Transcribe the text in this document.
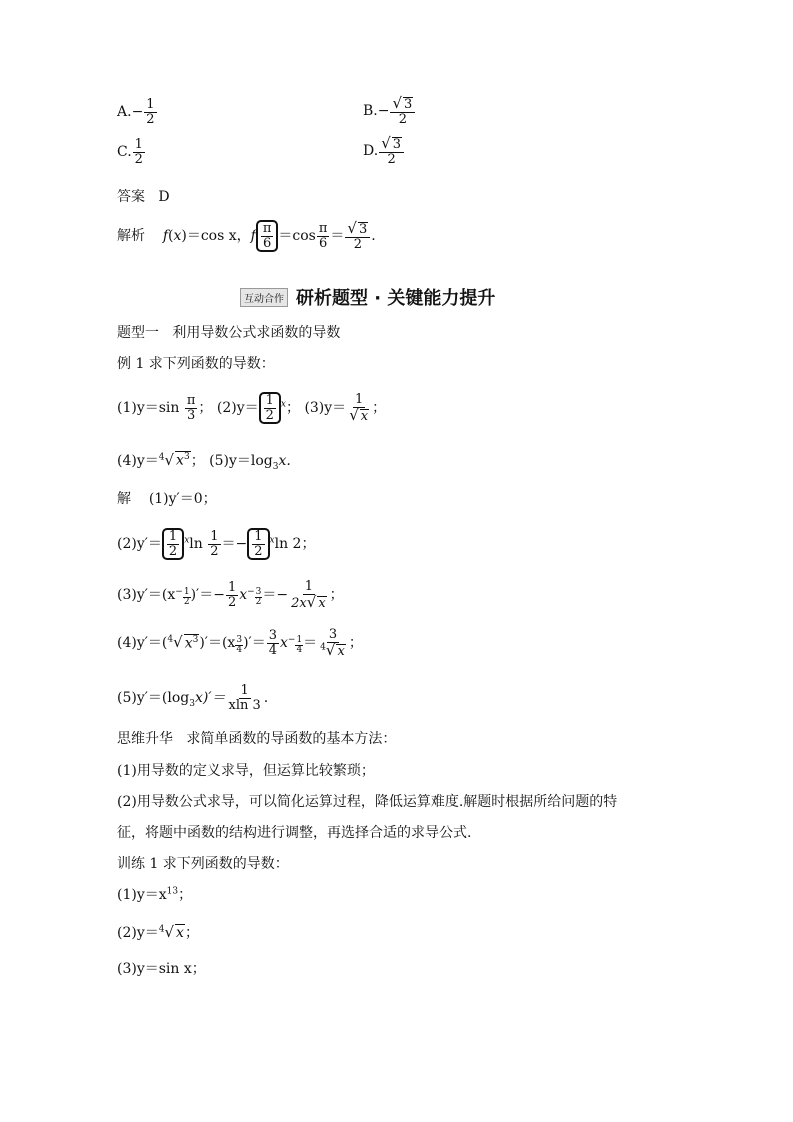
$A.- \frac{1}{2}$	$B.- \frac{√ 3}{2}$
C. $\frac{1}{2}$	D. $\frac{√ 3}{2}$
答案 D
解析 f(x)＝cos x，f $\frac{\pi}{6} =\cos \frac{\pi}{6} = \frac{√ 3}{2}$ .
互动合作 研析题型 · 关键能力提升
题型一 利用导数公式求函数的导数
例 1 求下列函数的导数：
$(1)y=\sin \frac{\pi}{3}$ ； $(2)y= \frac{1}{2} ^x$； $(3)y= \frac{1}{√ x}$ ；
(4)y＝$^4$√ $x^3$； $(5)y=\log_3x$.
解 (1)y′＝0；
$(2)y'= \frac{1}{2} ^x\ln \frac{1}{2} =- \frac{1}{2} ^x\ln$ 2；
$(3)y'=(x - \frac{1}{2}$ )′＝− $\frac{1}{2}$ $x - \frac{3}{2} =- \frac{1}{2x√ x}$ ；
(4)y′＝($^4$√ $x^3)'=(x \frac{3}{4}$ )′＝ $\frac{3}{4}$ $x - \frac{1}{4} = \frac{3}{^4√ x}$ ；
$(5)y'=(\log_3x)'= \frac{1}{xln 3}$ .
思维升华 求简单函数的导函数的基本方法：
(1)用导数的定义求导，但运算比较繁琐；
(2)用导数公式求导，可以简化运算过程，降低运算难度.解题时根据所给问题的特
征，将题中函数的结构进行调整，再选择合适的求导公式.
训练 1 求下列函数的导数：
$(1)y=x^{13}$；
(2)y＝$^4$√ x；
(3)y＝sin x；
